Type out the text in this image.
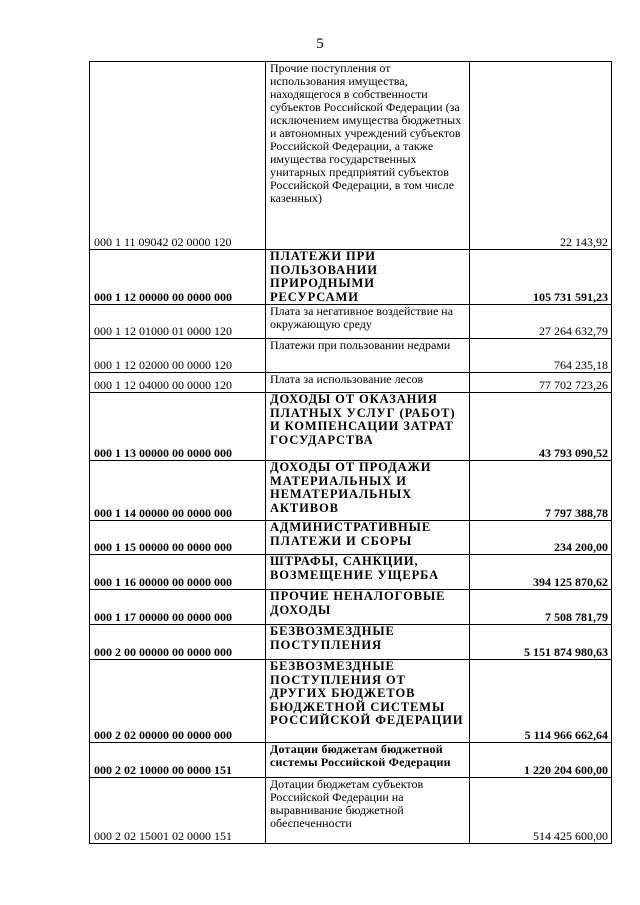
5
000 1 11 09042 02 0000 120	Прочие поступления от использования имущества, находящегося в собственности субъектов Российской Федерации (за исключением имущества бюджетных и автономных учреждений субъектов Российской Федерации, а также имущества государственных унитарных предприятий субъектов Российской Федерации, в том числе казенных)	22 143,92
000 1 12 00000 00 0000 000	ПЛАТЕЖИ ПРИ ПОЛЬЗОВАНИИ ПРИРОДНЫМИ РЕСУРСАМИ	105 731 591,23
000 1 12 01000 01 0000 120	Плата за негативное воздействие на окружающую среду	27 264 632,79
000 1 12 02000 00 0000 120	Платежи при пользовании недрами	764 235,18
000 1 12 04000 00 0000 120	Плата за использование лесов	77 702 723,26
000 1 13 00000 00 0000 000	ДОХОДЫ ОТ ОКАЗАНИЯ ПЛАТНЫХ УСЛУГ (РАБОТ) И КОМПЕНСАЦИИ ЗАТРАТ ГОСУДАРСТВА	43 793 090,52
000 1 14 00000 00 0000 000	ДОХОДЫ ОТ ПРОДАЖИ МАТЕРИАЛЬНЫХ И НЕМАТЕРИАЛЬНЫХ АКТИВОВ	7 797 388,78
000 1 15 00000 00 0000 000	АДМИНИСТРАТИВНЫЕ ПЛАТЕЖИ И СБОРЫ	234 200,00
000 1 16 00000 00 0000 000	ШТРАФЫ, САНКЦИИ, ВОЗМЕЩЕНИЕ УЩЕРБА	394 125 870,62
000 1 17 00000 00 0000 000	ПРОЧИЕ НЕНАЛОГОВЫЕ ДОХОДЫ	7 508 781,79
000 2 00 00000 00 0000 000	БЕЗВОЗМЕЗДНЫЕ ПОСТУПЛЕНИЯ	5 151 874 980,63
000 2 02 00000 00 0000 000	БЕЗВОЗМЕЗДНЫЕ ПОСТУПЛЕНИЯ ОТ ДРУГИХ БЮДЖЕТОВ БЮДЖЕТНОЙ СИСТЕМЫ РОССИЙСКОЙ ФЕДЕРАЦИИ	5 114 966 662,64
000 2 02 10000 00 0000 151	Дотации бюджетам бюджетной системы Российской Федерации	1 220 204 600,00
000 2 02 15001 02 0000 151	Дотации бюджетам субъектов Российской Федерации на выравнивание бюджетной обеспеченности	514 425 600,00
